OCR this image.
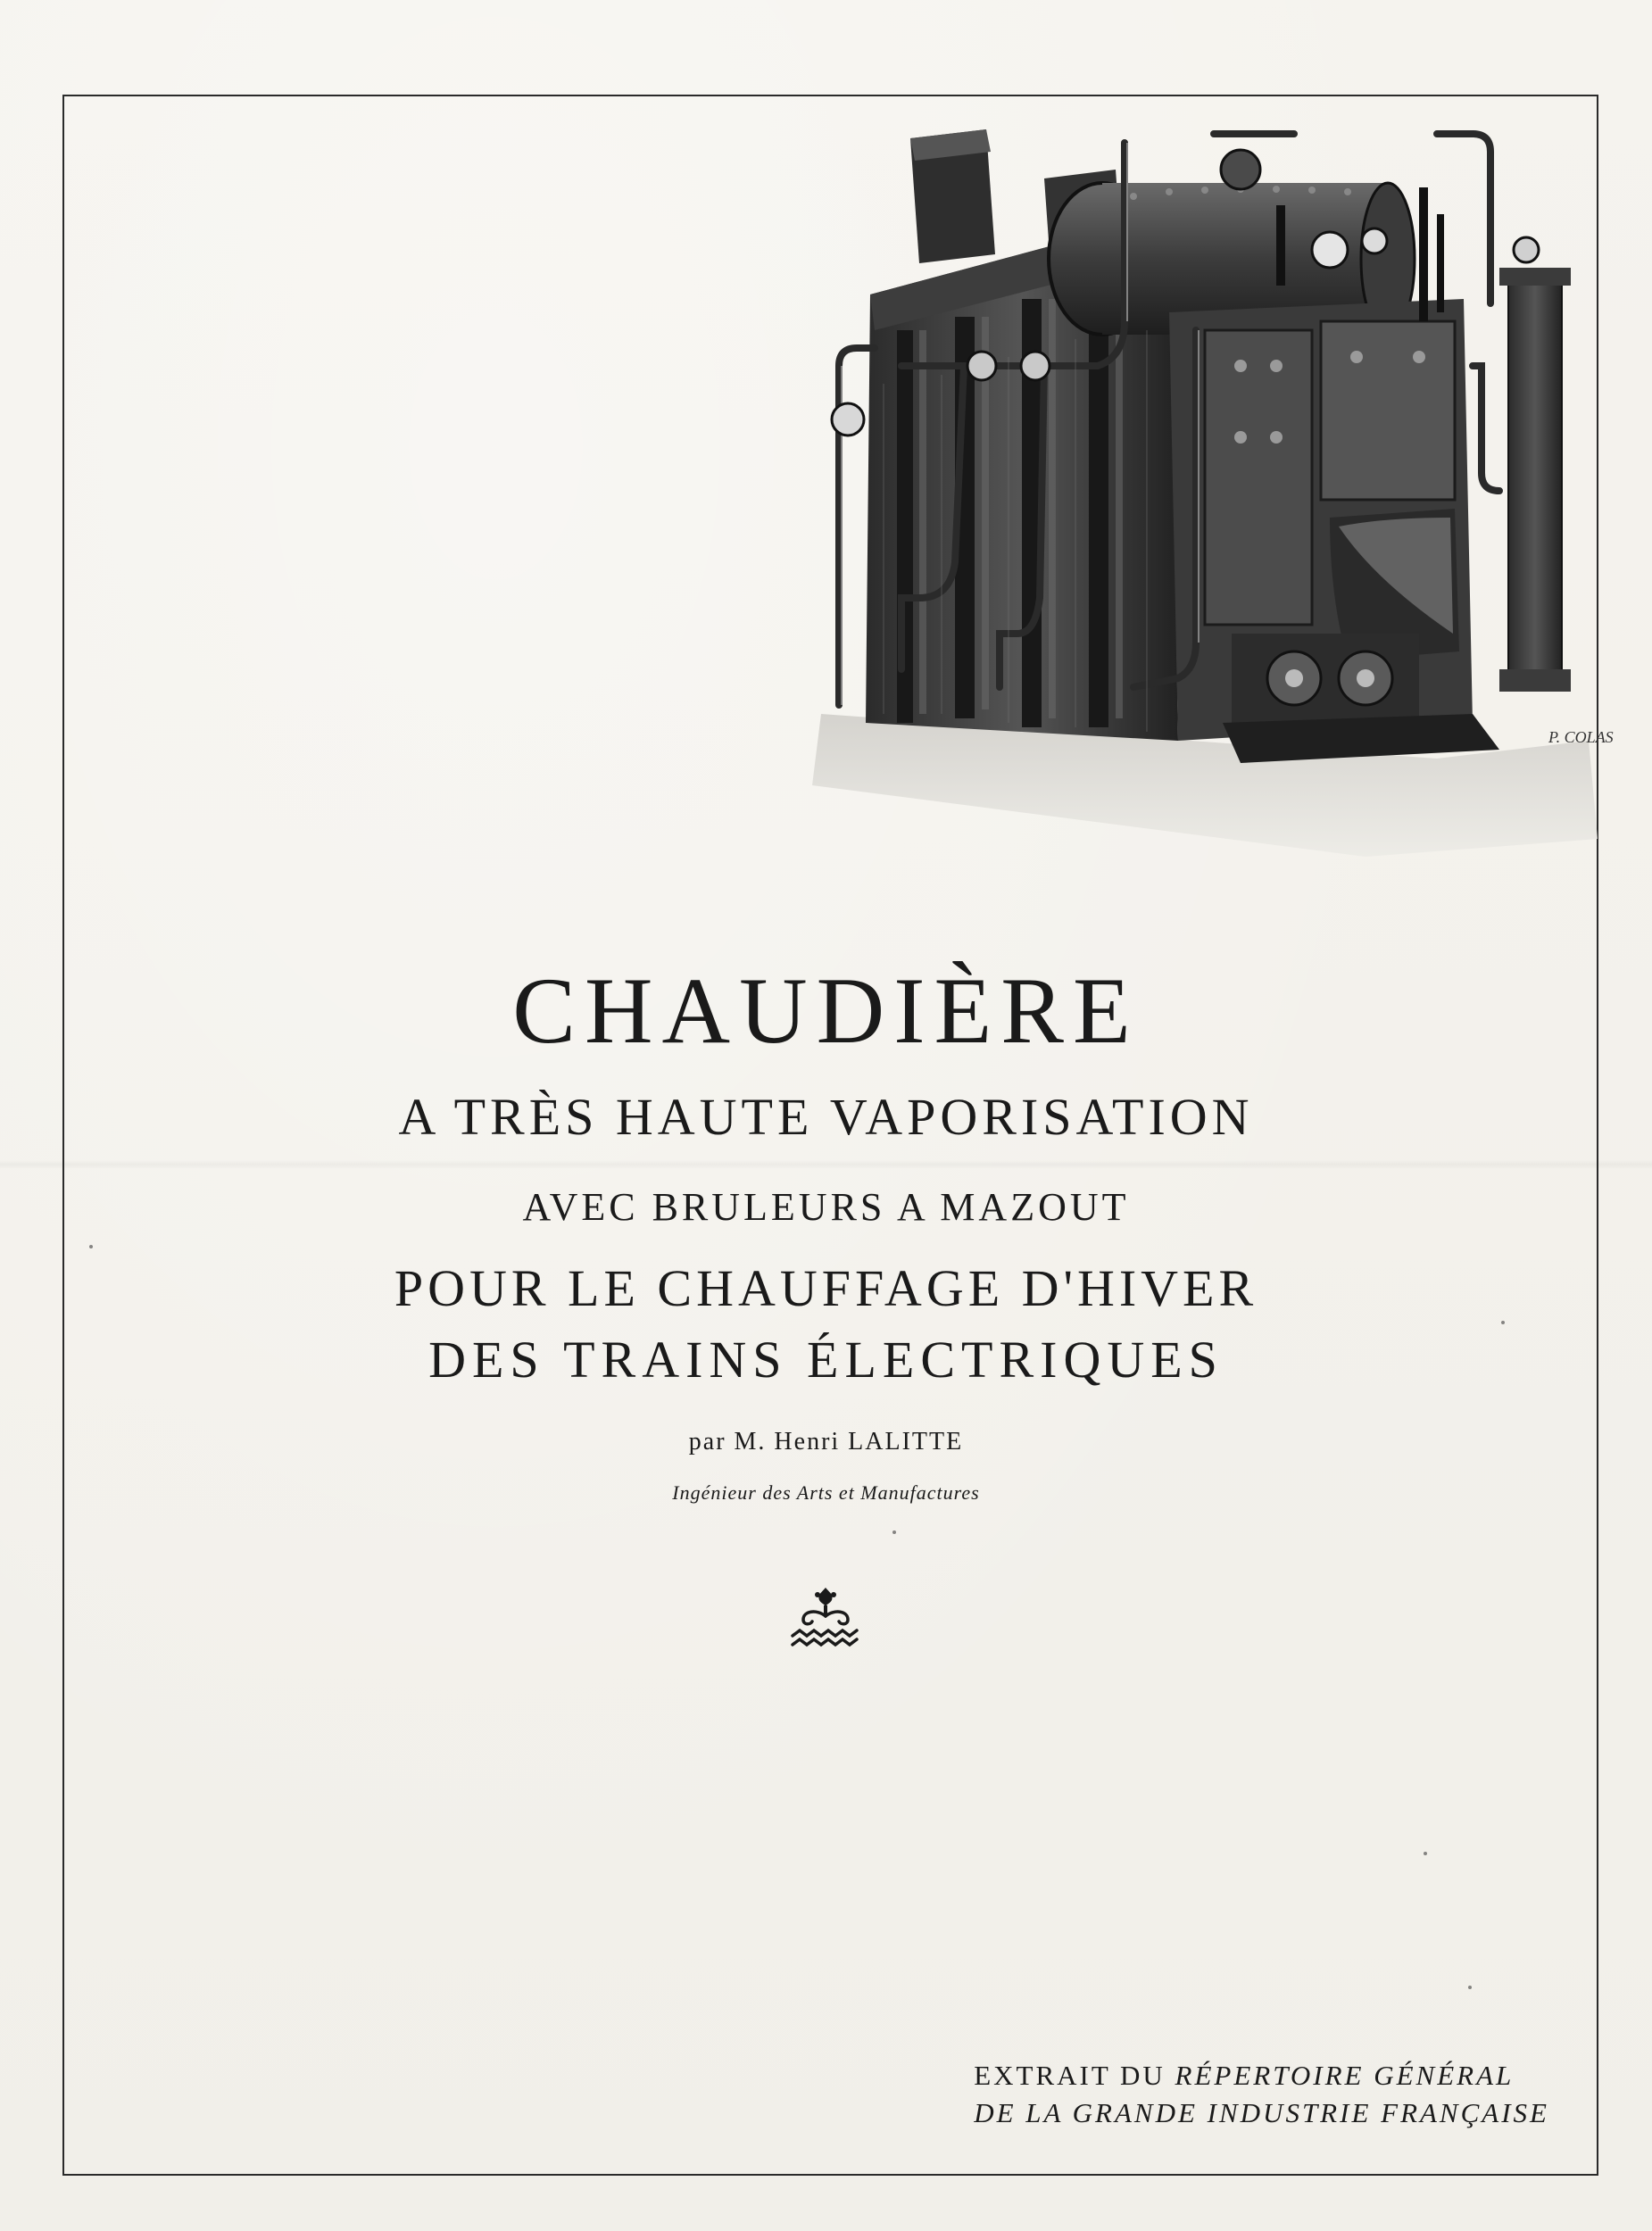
P. COLAS
CHAUDIÈRE
A TRÈS HAUTE VAPORISATION
AVEC BRULEURS A MAZOUT
POUR LE CHAUFFAGE D'HIVER
DES TRAINS ÉLECTRIQUES
par M. Henri LALITTE
Ingénieur des Arts et Manufactures
EXTRAIT DU RÉPERTOIRE GÉNÉRAL
DE LA GRANDE INDUSTRIE FRANÇAISE
